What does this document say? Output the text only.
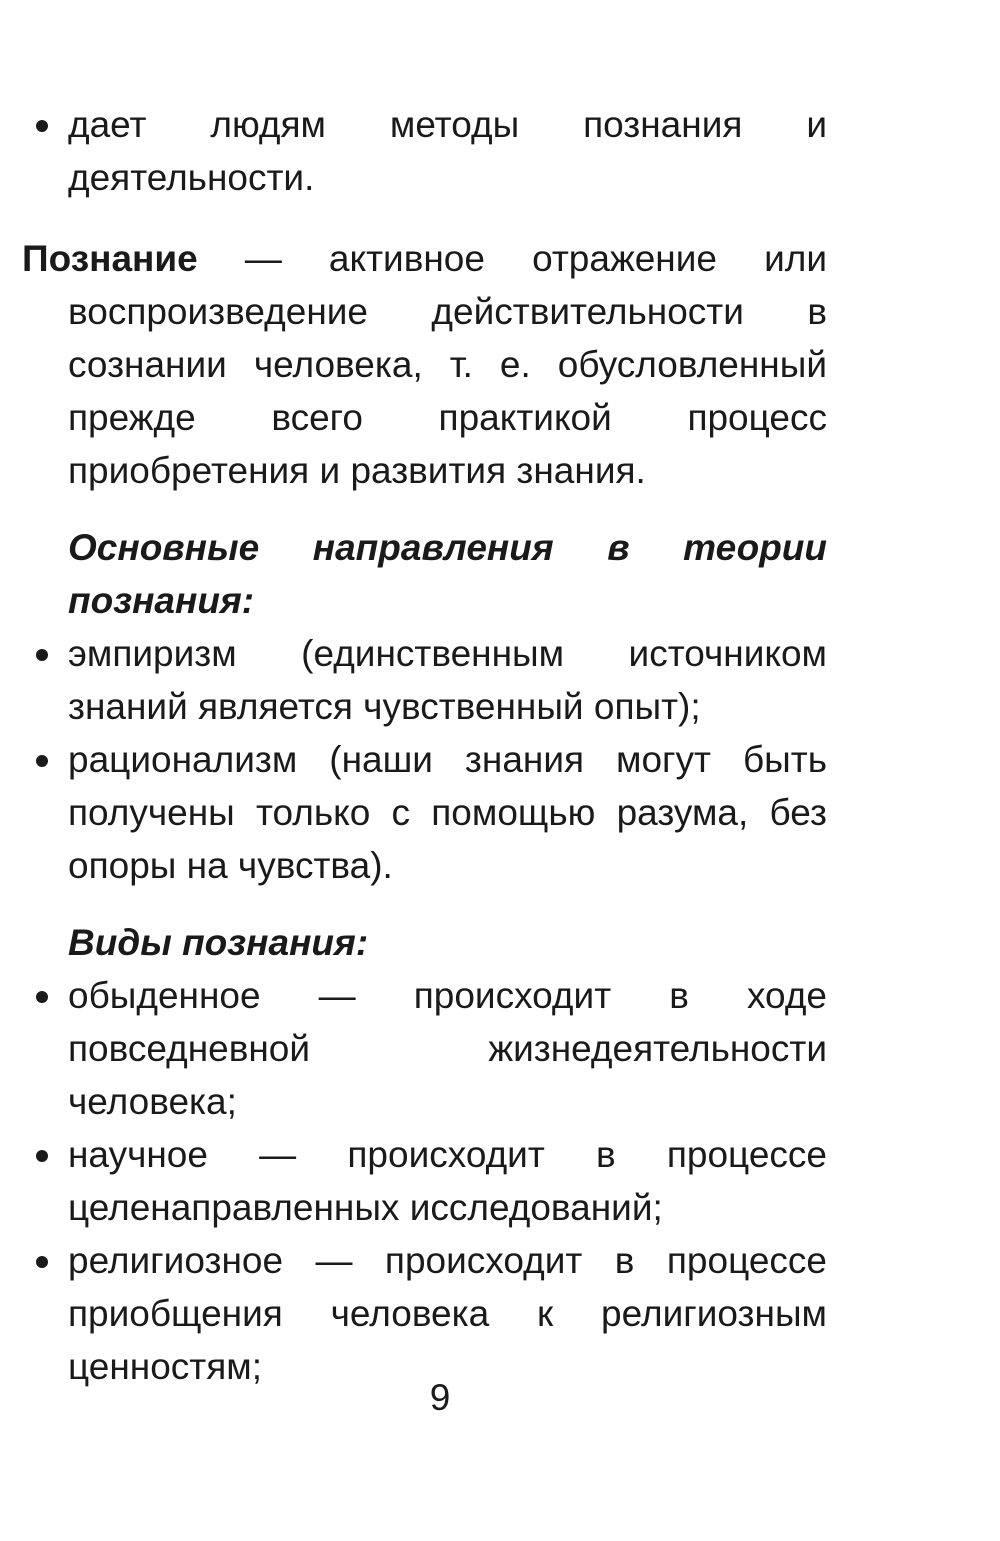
дает людям методы познания и деятельности.

Познание — активное отражение или воспроизведение действительности в сознании человека, т. е. обусловленный прежде всего практикой процесс приобретения и развития знания.

Основные направления в теории познания:

эмпиризм (единственным источником знаний является чувственный опыт);
рационализм (наши знания могут быть получены только с помощью разума, без опоры на чувства).

Виды познания:

обыденное — происходит в ходе повседневной жизнедеятельности человека;
научное — происходит в процессе целенаправленных исследований;
религиозное — происходит в процессе приобщения человека к религиозным ценностям;
9
